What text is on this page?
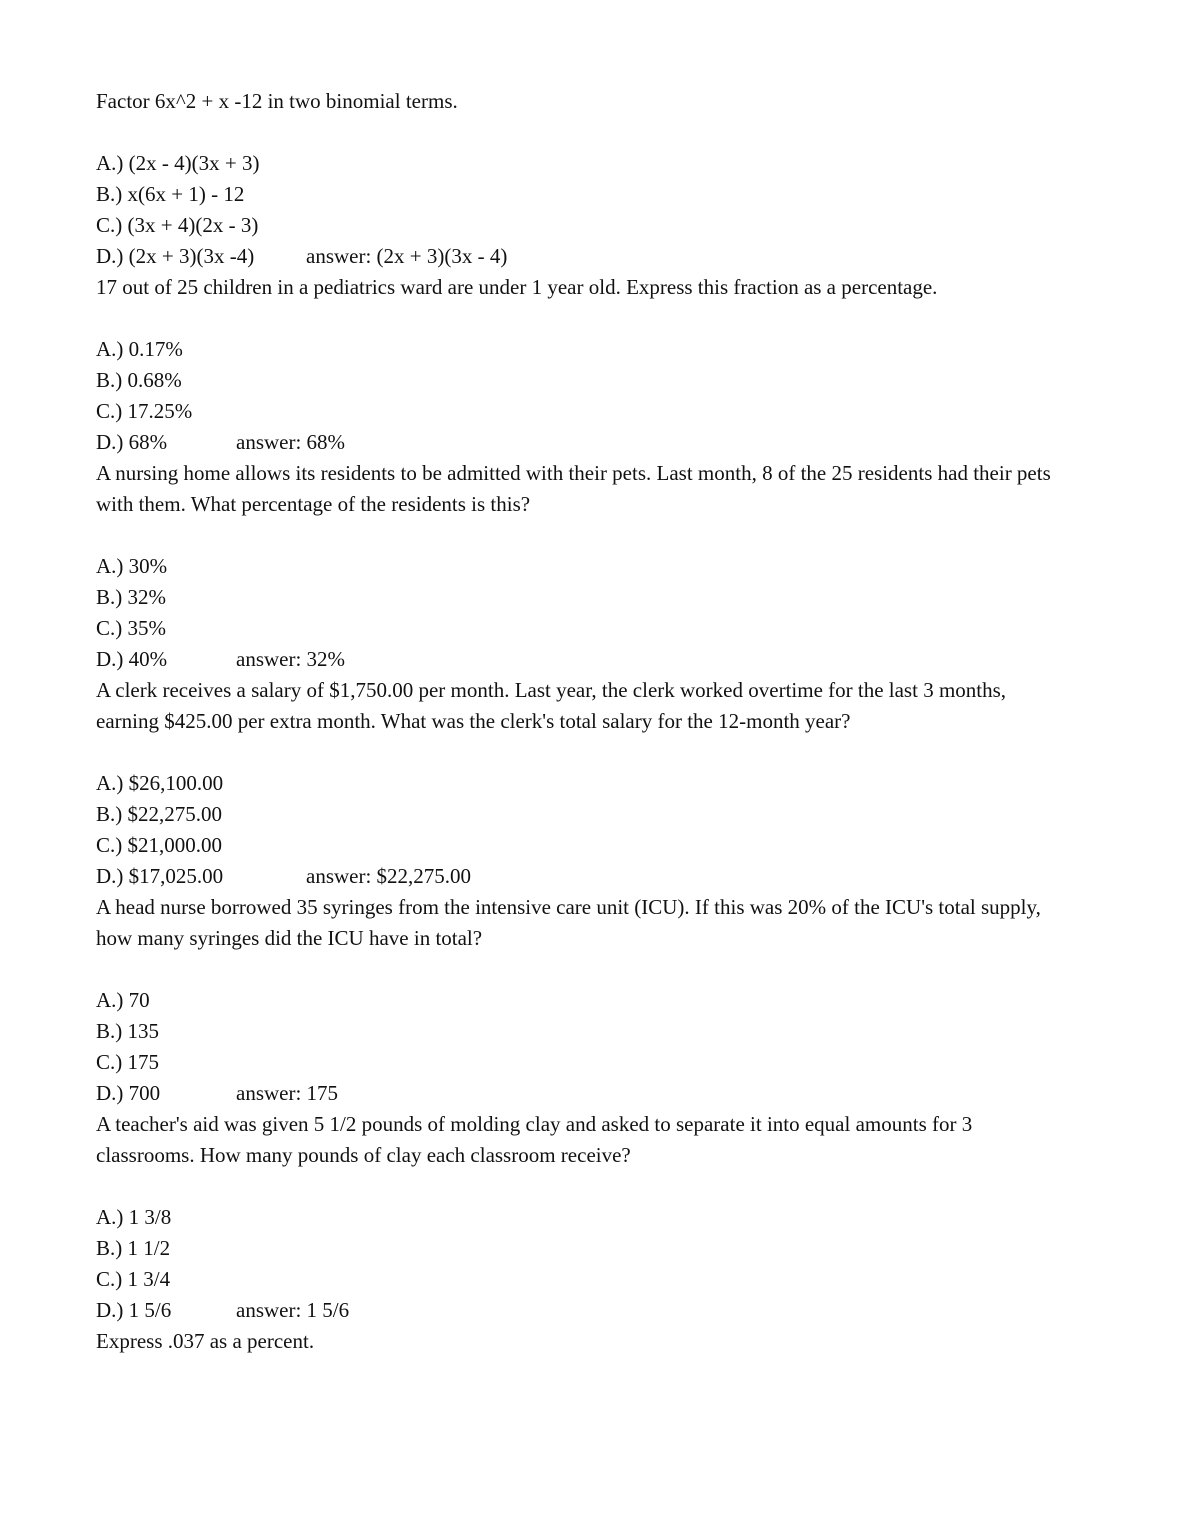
Factor 6x^2 + x -12 in two binomial terms.
A.) (2x - 4)(3x + 3)
B.) x(6x + 1) - 12
C.) (3x + 4)(2x - 3)
D.) (2x + 3)(3x -4) answer: (2x + 3)(3x - 4)
17 out of 25 children in a pediatrics ward are under 1 year old. Express this fraction as a percentage.
A.) 0.17%
B.) 0.68%
C.) 17.25%
D.) 68%	answer: 68%
A nursing home allows its residents to be admitted with their pets. Last month, 8 of the 25 residents had their pets with them. What percentage of the residents is this?
A.) 30%
B.) 32%
C.) 35%
D.) 40%	answer: 32%
A clerk receives a salary of $1,750.00 per month. Last year, the clerk worked overtime for the last 3 months, earning $425.00 per extra month. What was the clerk's total salary for the 12-month year?
A.) $26,100.00
B.) $22,275.00
C.) $21,000.00
D.) $17,025.00	answer: $22,275.00
A head nurse borrowed 35 syringes from the intensive care unit (ICU). If this was 20% of the ICU's total supply, how many syringes did the ICU have in total?
A.) 70
B.) 135
C.) 175
D.) 700	answer: 175
A teacher's aid was given 5 1/2 pounds of molding clay and asked to separate it into equal amounts for 3 classrooms. How many pounds of clay each classroom receive?
A.) 1 3/8
B.) 1 1/2
C.) 1 3/4
D.) 1 5/6	answer: 1 5/6
Express .037 as a percent.
